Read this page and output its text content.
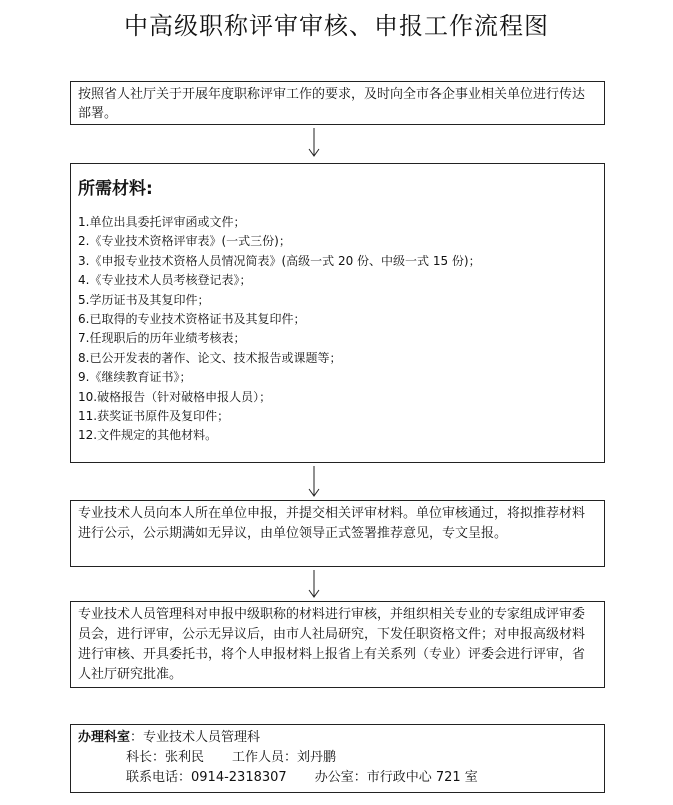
中高级职称评审审核、申报工作流程图
按照省人社厅关于开展年度职称评审工作的要求，及时向全市各企事业相关单位进行传达部署。
所需材料:
1.单位出具委托评审函或文件；
2.《专业技术资格评审表》(一式三份)；
3.《申报专业技术资格人员情况简表》(高级一式 20 份、中级一式 15 份)；
4.《专业技术人员考核登记表》；
5.学历证书及其复印件；
6.已取得的专业技术资格证书及其复印件；
7.任现职后的历年业绩考核表；
8.已公开发表的著作、论文、技术报告或课题等；
9.《继续教育证书》；
10.破格报告（针对破格申报人员）；
11.获奖证书原件及复印件；
12.文件规定的其他材料。
专业技术人员向本人所在单位申报，并提交相关评审材料。单位审核通过，将拟推荐材料进行公示，公示期满如无异议，由单位领导正式签署推荐意见，专文呈报。
专业技术人员管理科对申报中级职称的材料进行审核，并组织相关专业的专家组成评审委员会，进行评审，公示无异议后，由市人社局研究，下发任职资格文件；对申报高级材料进行审核、开具委托书，将个人申报材料上报省上有关系列（专业）评委会进行评审，省人社厅研究批准。
办理科室：专业技术人员管理科
科长：张利民 工作人员：刘丹鹏
联系电话：0914-2318307 办公室：市行政中心 721 室
